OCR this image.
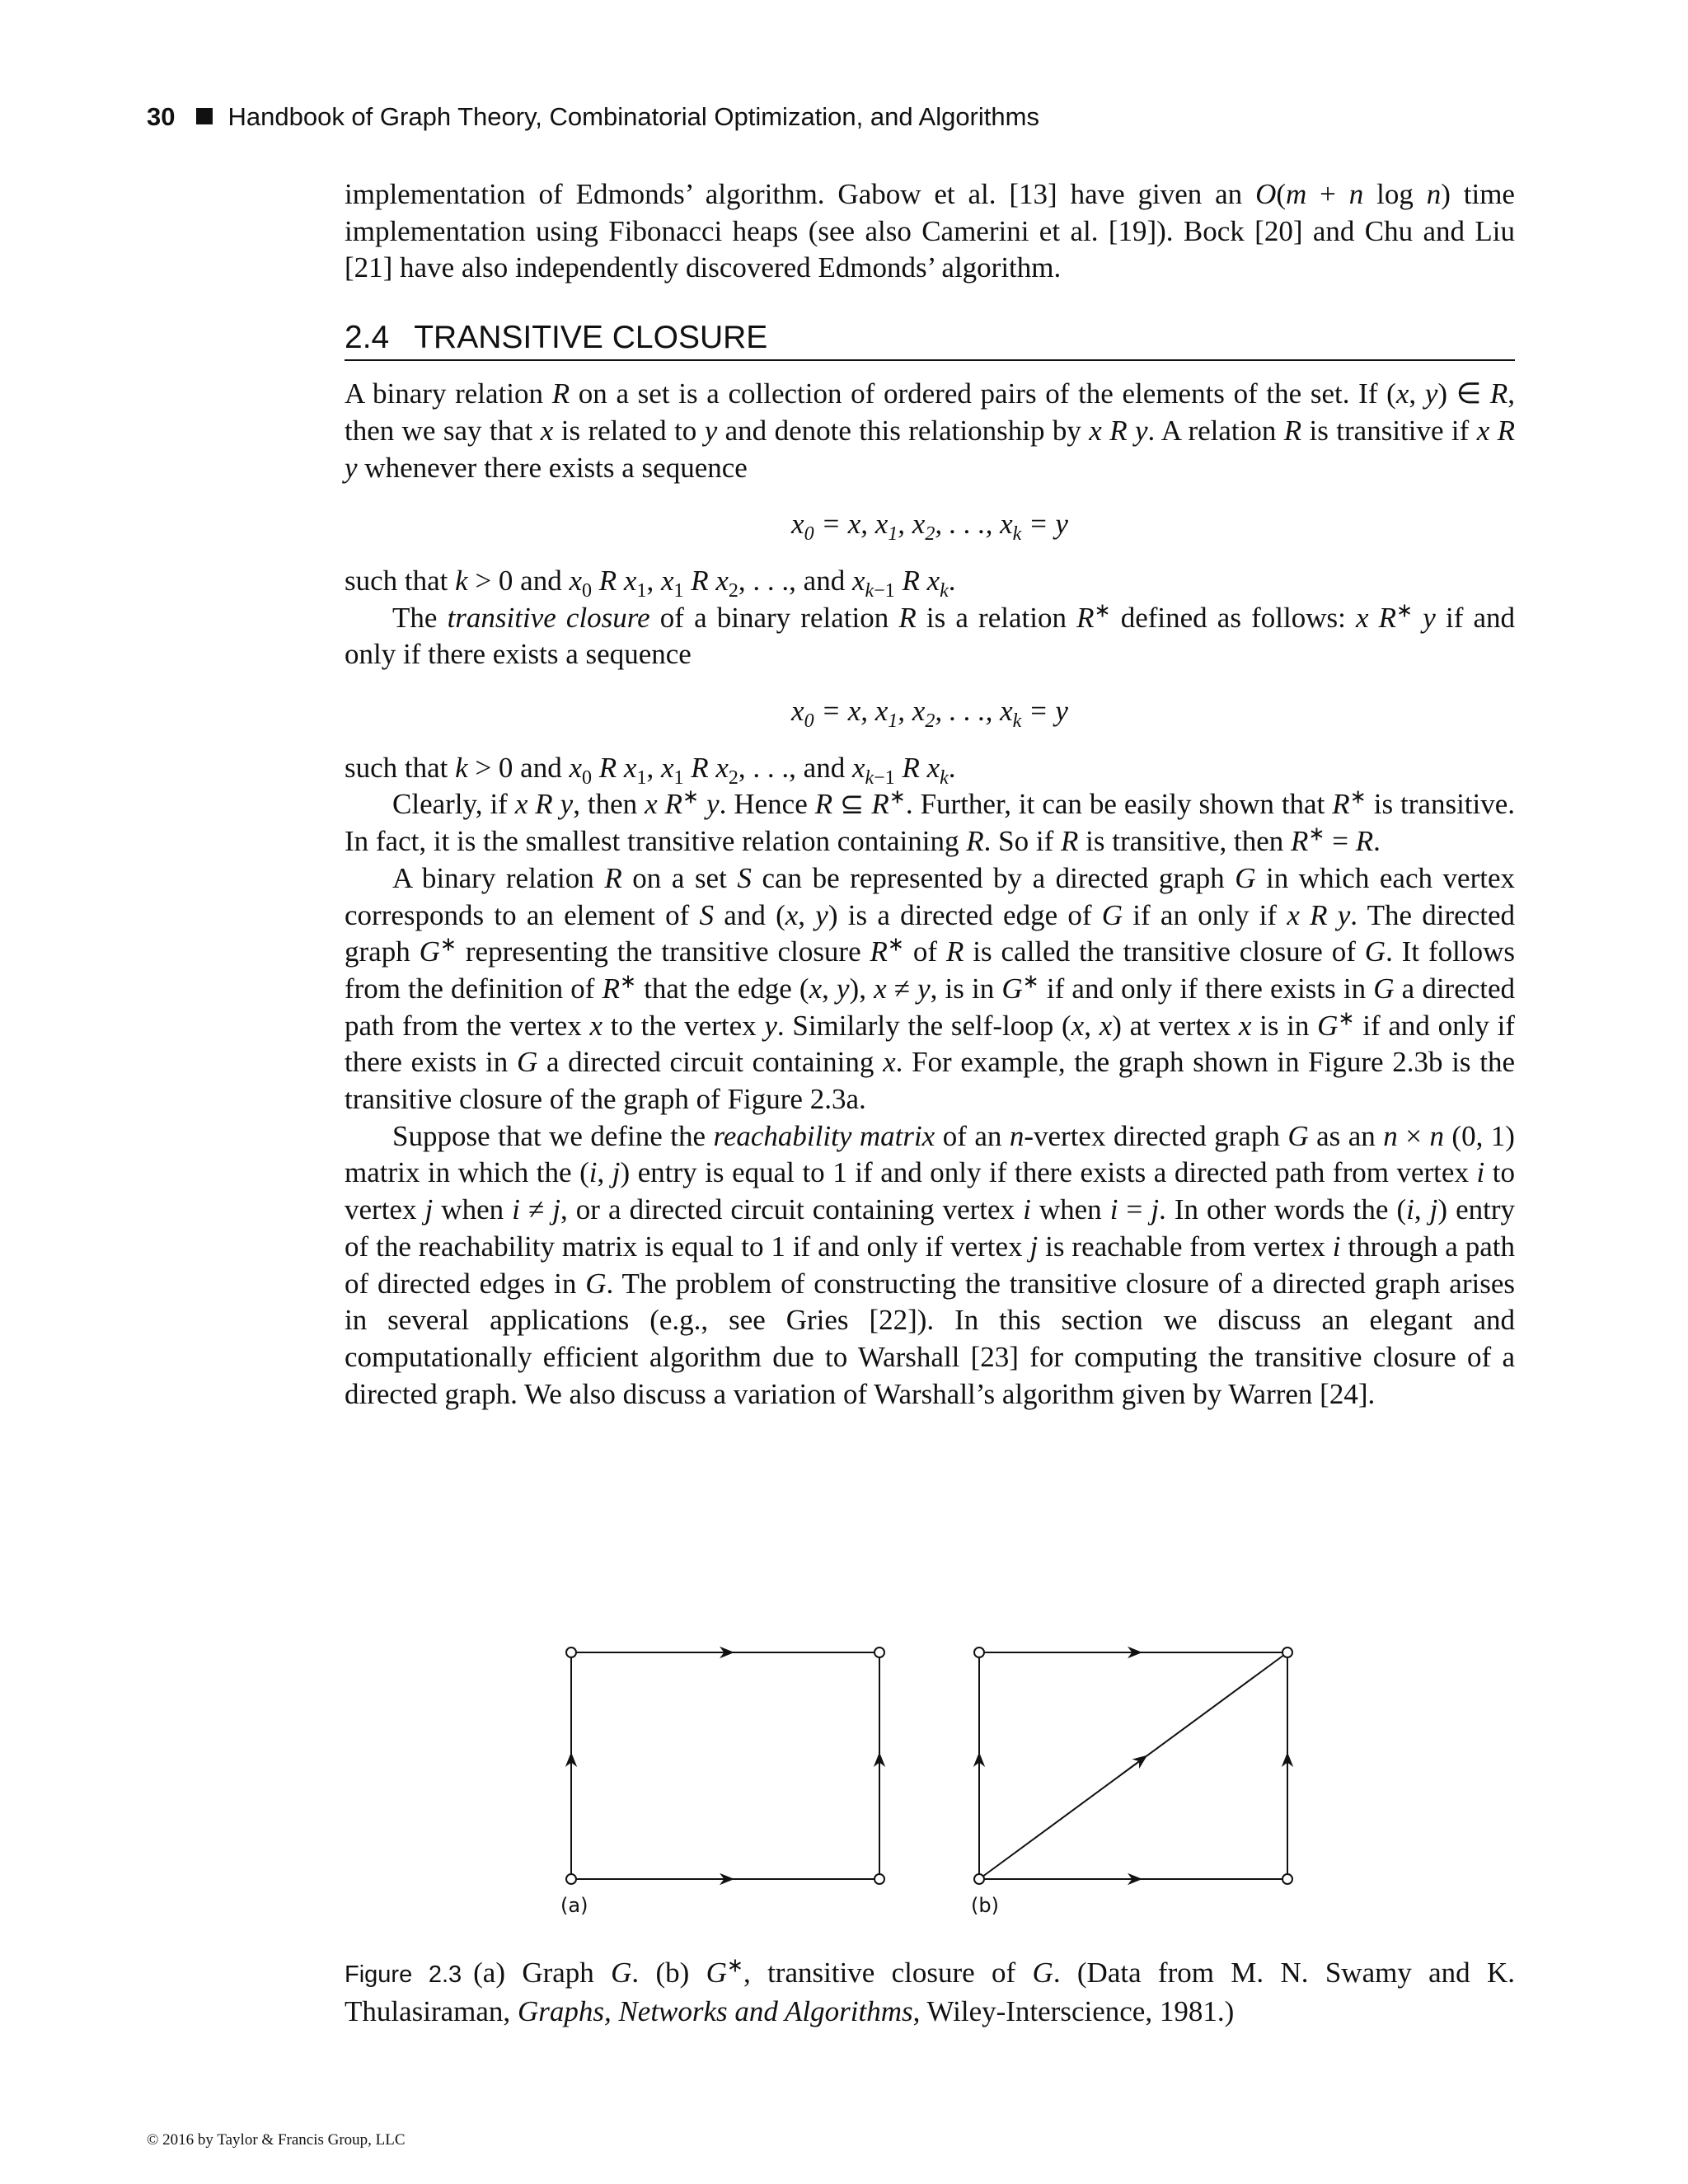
30 Handbook of Graph Theory, Combinatorial Optimization, and Algorithms

implementation of Edmonds’ algorithm. Gabow et al. [13] have given an O(m + n log n) time implementation using Fibonacci heaps (see also Camerini et al. [19]). Bock [20] and Chu and Liu [21] have also independently discovered Edmonds’ algorithm.

2.4 TRANSITIVE CLOSURE

A binary relation R on a set is a collection of ordered pairs of the elements of the set. If (x, y) ∈ R, then we say that x is related to y and denote this relationship by x R y. A relation R is transitive if x R y whenever there exists a sequence

$x_0 = x$, $x_1$, $x_2$, . . ., $x_k = y$

such that k > 0 and $x_0$ R $x_1$, $x_1$ R $x_2$, . . ., and $x_{k-1}$ R $x_k$.

The transitive closure of a binary relation R is a relation R∗ defined as follows: x R∗ y if and only if there exists a sequence

$x_0 = x$, $x_1$, $x_2$, . . ., $x_k = y$

such that k > 0 and $x_0$ R $x_1$, $x_1$ R $x_2$, . . ., and $x_{k-1}$ R $x_k$.

Clearly, if x R y, then x R∗ y. Hence R ⊆ R∗. Further, it can be easily shown that R∗ is transitive. In fact, it is the smallest transitive relation containing R. So if R is transitive, then R∗ = R.

A binary relation R on a set S can be represented by a directed graph G in which each vertex corresponds to an element of S and (x, y) is a directed edge of G if an only if x R y. The directed graph G∗ representing the transitive closure R∗ of R is called the transitive closure of G. It follows from the definition of R∗ that the edge (x, y), x ≠ y, is in G∗ if and only if there exists in G a directed path from the vertex x to the vertex y. Similarly the self-loop (x, x) at vertex x is in G∗ if and only if there exists in G a directed circuit containing x. For example, the graph shown in Figure 2.3b is the transitive closure of the graph of Figure 2.3a.

Suppose that we define the reachability matrix of an n-vertex directed graph G as an n × n (0, 1) matrix in which the (i, j) entry is equal to 1 if and only if there exists a directed path from vertex i to vertex j when i ≠ j, or a directed circuit containing vertex i when i = j. In other words the (i, j) entry of the reachability matrix is equal to 1 if and only if vertex j is reachable from vertex i through a path of directed edges in G. The problem of constructing the transitive closure of a directed graph arises in several applications (e.g., see Gries [22]). In this section we discuss an elegant and computationally efficient algorithm due to Warshall [23] for computing the transitive closure of a directed graph. We also discuss a variation of Warshall’s algorithm given by Warren [24].

(a)	(b)
Figure 2.3 (a) Graph G. (b) G∗, transitive closure of G. (Data from M. N. Swamy and K. Thulasiraman, Graphs, Networks and Algorithms, Wiley-Interscience, 1981.)
© 2016 by Taylor & Francis Group, LLC
